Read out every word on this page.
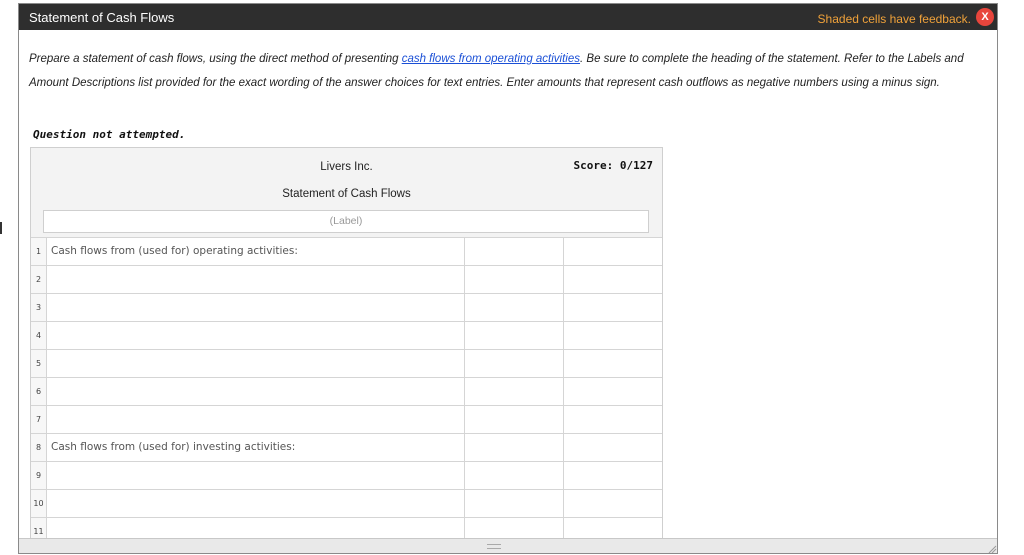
Statement of Cash Flows	Shaded cells have feedback. X
Prepare a statement of cash flows, using the direct method of presenting cash flows from operating activities. Be sure to complete the heading of the statement. Refer to the Labels and Amount Descriptions list provided for the exact wording of the answer choices for text entries. Enter amounts that represent cash outflows as negative numbers using a minus sign.
Question not attempted.
Livers Inc.	Score: 0/127
Statement of Cash Flows
(Label)
1 Cash flows from (used for) operating activities:
2
3
4
5
6
7
8 Cash flows from (used for) investing activities:
9
10
11
